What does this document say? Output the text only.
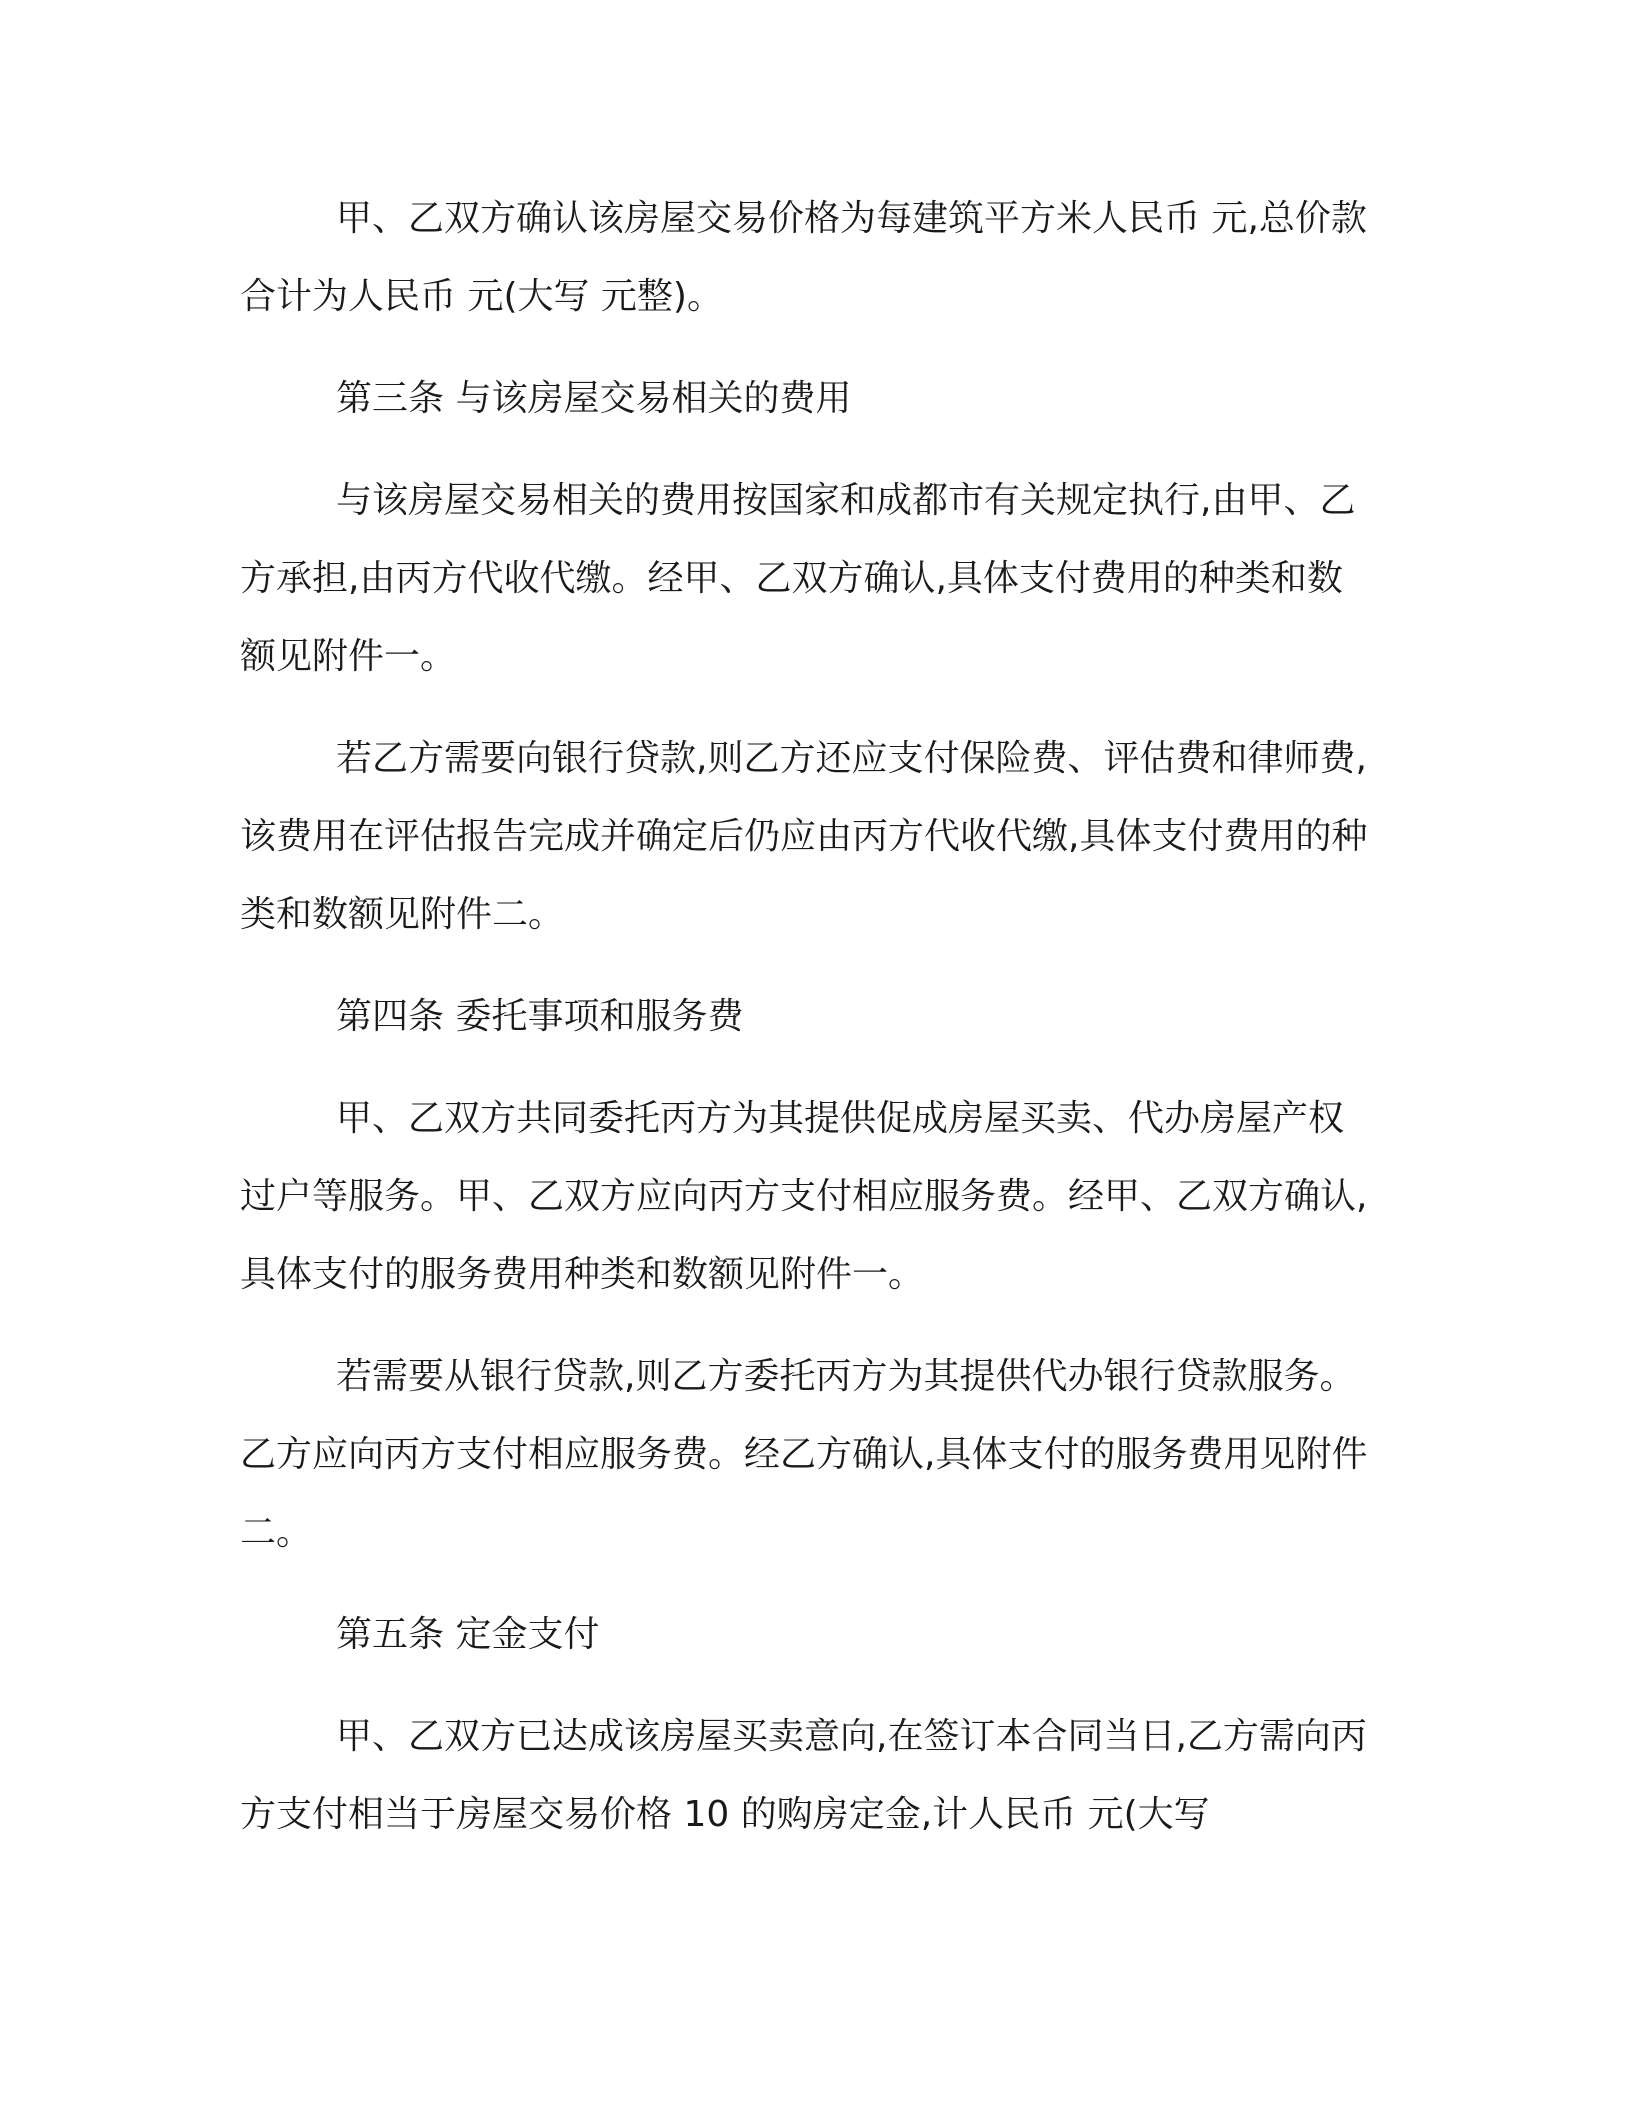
甲、乙双方确认该房屋交易价格为每建筑平方米人民币 元,总价款合计为人民币 元(大写 元整)。

第三条 与该房屋交易相关的费用

与该房屋交易相关的费用按国家和成都市有关规定执行,由甲、乙方承担,由丙方代收代缴。经甲、乙双方确认,具体支付费用的种类和数额见附件一。

若乙方需要向银行贷款,则乙方还应支付保险费、评估费和律师费,该费用在评估报告完成并确定后仍应由丙方代收代缴,具体支付费用的种类和数额见附件二。

第四条 委托事项和服务费

甲、乙双方共同委托丙方为其提供促成房屋买卖、代办房屋产权过户等服务。甲、乙双方应向丙方支付相应服务费。经甲、乙双方确认,具体支付的服务费用种类和数额见附件一。

若需要从银行贷款,则乙方委托丙方为其提供代办银行贷款服务。乙方应向丙方支付相应服务费。经乙方确认,具体支付的服务费用见附件二。

第五条 定金支付

甲、乙双方已达成该房屋买卖意向,在签订本合同当日,乙方需向丙方支付相当于房屋交易价格 10 的购房定金,计人民币 元(大写
